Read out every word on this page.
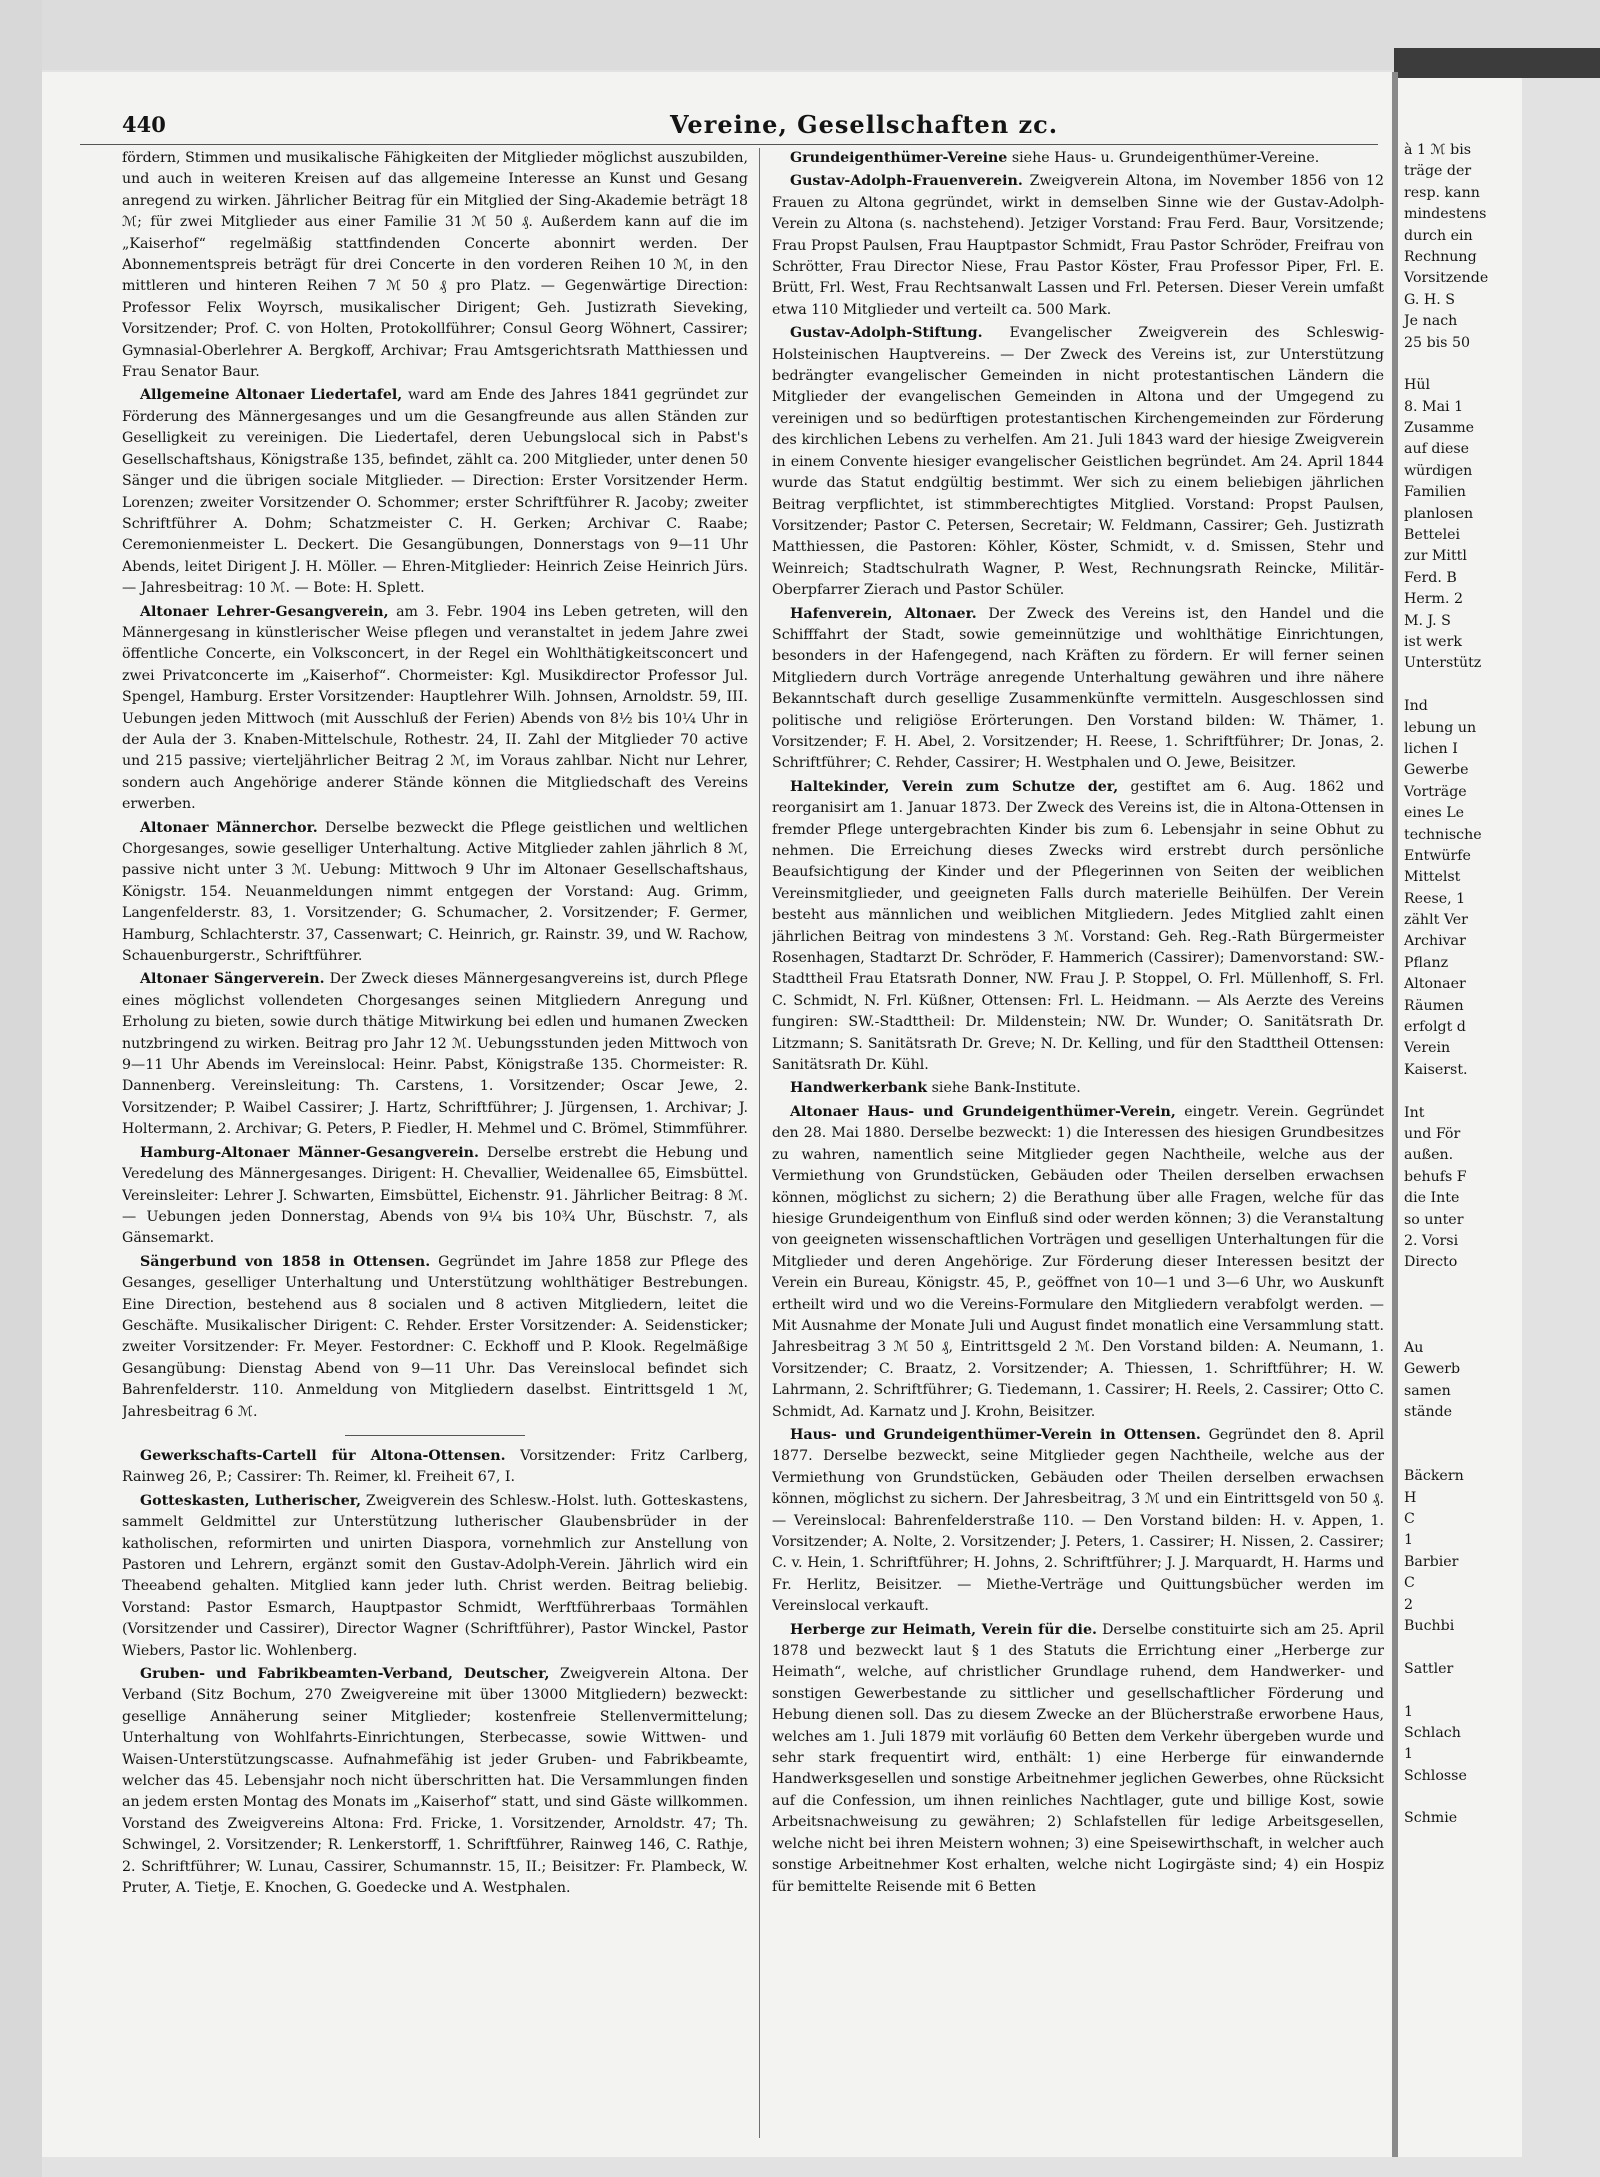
440	Vereine, Gesellschaften zc.

fördern, Stimmen und musikalische Fähigkeiten der Mitglieder möglichst auszubilden, und auch in weiteren Kreisen auf das allgemeine Interesse an Kunst und Gesang anregend zu wirken. Jährlicher Beitrag für ein Mitglied der Sing-Akademie beträgt 18 ℳ; für zwei Mitglieder aus einer Familie 31 ℳ 50 ₰. Außerdem kann auf die im „Kaiserhof“ regelmäßig stattfindenden Concerte abonnirt werden. Der Abonnementspreis beträgt für drei Concerte in den vorderen Reihen 10 ℳ, in den mittleren und hinteren Reihen 7 ℳ 50 ₰ pro Platz. — Gegenwärtige Direction: Professor Felix Woyrsch, musikalischer Dirigent; Geh. Justizrath Sieveking, Vorsitzender; Prof. C. von Holten, Protokollführer; Consul Georg Wöhnert, Cassirer; Gymnasial-Oberlehrer A. Bergkoff, Archivar; Frau Amtsgerichtsrath Matthiessen und Frau Senator Baur.

Allgemeine Altonaer Liedertafel, ward am Ende des Jahres 1841 gegründet zur Förderung des Männergesanges und um die Gesangfreunde aus allen Ständen zur Geselligkeit zu vereinigen. Die Liedertafel, deren Uebungslocal sich in Pabst's Gesellschaftshaus, Königstraße 135, befindet, zählt ca. 200 Mitglieder, unter denen 50 Sänger und die übrigen sociale Mitglieder. — Direction: Erster Vorsitzender Herm. Lorenzen; zweiter Vorsitzender O. Schommer; erster Schriftführer R. Jacoby; zweiter Schriftführer A. Dohm; Schatzmeister C. H. Gerken; Archivar C. Raabe; Ceremonienmeister L. Deckert. Die Gesangübungen, Donnerstags von 9—11 Uhr Abends, leitet Dirigent J. H. Möller. — Ehren-Mitglieder: Heinrich Zeise Heinrich Jürs. — Jahresbeitrag: 10 ℳ. — Bote: H. Splett.

Altonaer Lehrer-Gesangverein, am 3. Febr. 1904 ins Leben getreten, will den Männergesang in künstlerischer Weise pflegen und veranstaltet in jedem Jahre zwei öffentliche Concerte, ein Volksconcert, in der Regel ein Wohlthätigkeitsconcert und zwei Privatconcerte im „Kaiserhof“. Chormeister: Kgl. Musikdirector Professor Jul. Spengel, Hamburg. Erster Vorsitzender: Hauptlehrer Wilh. Johnsen, Arnoldstr. 59, III. Uebungen jeden Mittwoch (mit Ausschluß der Ferien) Abends von 8½ bis 10¼ Uhr in der Aula der 3. Knaben-Mittelschule, Rothestr. 24, II. Zahl der Mitglieder 70 active und 215 passive; vierteljährlicher Beitrag 2 ℳ, im Voraus zahlbar. Nicht nur Lehrer, sondern auch Angehörige anderer Stände können die Mitgliedschaft des Vereins erwerben.

Altonaer Männerchor. Derselbe bezweckt die Pflege geistlichen und weltlichen Chorgesanges, sowie geselliger Unterhaltung. Active Mitglieder zahlen jährlich 8 ℳ, passive nicht unter 3 ℳ. Uebung: Mittwoch 9 Uhr im Altonaer Gesellschaftshaus, Königstr. 154. Neuanmeldungen nimmt entgegen der Vorstand: Aug. Grimm, Langenfelderstr. 83, 1. Vorsitzender; G. Schumacher, 2. Vorsitzender; F. Germer, Hamburg, Schlachterstr. 37, Cassenwart; C. Heinrich, gr. Rainstr. 39, und W. Rachow, Schauenburgerstr., Schriftführer.

Altonaer Sängerverein. Der Zweck dieses Männergesangvereins ist, durch Pflege eines möglichst vollendeten Chorgesanges seinen Mitgliedern Anregung und Erholung zu bieten, sowie durch thätige Mitwirkung bei edlen und humanen Zwecken nutzbringend zu wirken. Beitrag pro Jahr 12 ℳ. Uebungsstunden jeden Mittwoch von 9—11 Uhr Abends im Vereinslocal: Heinr. Pabst, Königstraße 135. Chormeister: R. Dannenberg. Vereinsleitung: Th. Carstens, 1. Vorsitzender; Oscar Jewe, 2. Vorsitzender; P. Waibel Cassirer; J. Hartz, Schriftführer; J. Jürgensen, 1. Archivar; J. Holtermann, 2. Archivar; G. Peters, P. Fiedler, H. Mehmel und C. Brömel, Stimmführer.

Hamburg-Altonaer Männer-Gesangverein. Derselbe erstrebt die Hebung und Veredelung des Männergesanges. Dirigent: H. Chevallier, Weidenallee 65, Eimsbüttel. Vereinsleiter: Lehrer J. Schwarten, Eimsbüttel, Eichenstr. 91. Jährlicher Beitrag: 8 ℳ. — Uebungen jeden Donnerstag, Abends von 9¼ bis 10¾ Uhr, Büschstr. 7, als Gänsemarkt.

Sängerbund von 1858 in Ottensen. Gegründet im Jahre 1858 zur Pflege des Gesanges, geselliger Unterhaltung und Unterstützung wohlthätiger Bestrebungen. Eine Direction, bestehend aus 8 socialen und 8 activen Mitgliedern, leitet die Geschäfte. Musikalischer Dirigent: C. Rehder. Erster Vorsitzender: A. Seidensticker; zweiter Vorsitzender: Fr. Meyer. Festordner: C. Eckhoff und P. Klook. Regelmäßige Gesangübung: Dienstag Abend von 9—11 Uhr. Das Vereinslocal befindet sich Bahrenfelderstr. 110. Anmeldung von Mitgliedern daselbst. Eintrittsgeld 1 ℳ, Jahresbeitrag 6 ℳ.

Gewerkschafts-Cartell für Altona-Ottensen. Vorsitzender: Fritz Carlberg, Rainweg 26, P.; Cassirer: Th. Reimer, kl. Freiheit 67, I.

Gotteskasten, Lutherischer, Zweigverein des Schlesw.-Holst. luth. Gotteskastens, sammelt Geldmittel zur Unterstützung lutherischer Glaubensbrüder in der katholischen, reformirten und unirten Diaspora, vornehmlich zur Anstellung von Pastoren und Lehrern, ergänzt somit den Gustav-Adolph-Verein. Jährlich wird ein Theeabend gehalten. Mitglied kann jeder luth. Christ werden. Beitrag beliebig. Vorstand: Pastor Esmarch, Hauptpastor Schmidt, Werftführerbaas Tormählen (Vorsitzender und Cassirer), Director Wagner (Schriftführer), Pastor Winckel, Pastor Wiebers, Pastor lic. Wohlenberg.

Gruben- und Fabrikbeamten-Verband, Deutscher, Zweigverein Altona. Der Verband (Sitz Bochum, 270 Zweigvereine mit über 13000 Mitgliedern) bezweckt: gesellige Annäherung seiner Mitglieder; kostenfreie Stellenvermittelung; Unterhaltung von Wohlfahrts-Einrichtungen, Sterbecasse, sowie Wittwen- und Waisen-Unterstützungscasse. Aufnahmefähig ist jeder Gruben- und Fabrikbeamte, welcher das 45. Lebensjahr noch nicht überschritten hat. Die Versammlungen finden an jedem ersten Montag des Monats im „Kaiserhof“ statt, und sind Gäste willkommen. Vorstand des Zweigvereins Altona: Frd. Fricke, 1. Vorsitzender, Arnoldstr. 47; Th. Schwingel, 2. Vorsitzender; R. Lenkerstorff, 1. Schriftführer, Rainweg 146, C. Rathje, 2. Schriftführer; W. Lunau, Cassirer, Schumannstr. 15, II.; Beisitzer: Fr. Plambeck, W. Pruter, A. Tietje, E. Knochen, G. Goedecke und A. Westphalen.

Grundeigenthümer-Vereine siehe Haus- u. Grundeigenthümer-Vereine.

Gustav-Adolph-Frauenverein. Zweigverein Altona, im November 1856 von 12 Frauen zu Altona gegründet, wirkt in demselben Sinne wie der Gustav-Adolph-Verein zu Altona (s. nachstehend). Jetziger Vorstand: Frau Ferd. Baur, Vorsitzende; Frau Propst Paulsen, Frau Hauptpastor Schmidt, Frau Pastor Schröder, Freifrau von Schrötter, Frau Director Niese, Frau Pastor Köster, Frau Professor Piper, Frl. E. Brütt, Frl. West, Frau Rechtsanwalt Lassen und Frl. Petersen. Dieser Verein umfaßt etwa 110 Mitglieder und verteilt ca. 500 Mark.

Gustav-Adolph-Stiftung. Evangelischer Zweigverein des Schleswig-Holsteinischen Hauptvereins. — Der Zweck des Vereins ist, zur Unterstützung bedrängter evangelischer Gemeinden in nicht protestantischen Ländern die Mitglieder der evangelischen Gemeinden in Altona und der Umgegend zu vereinigen und so bedürftigen protestantischen Kirchengemeinden zur Förderung des kirchlichen Lebens zu verhelfen. Am 21. Juli 1843 ward der hiesige Zweigverein in einem Convente hiesiger evangelischer Geistlichen begründet. Am 24. April 1844 wurde das Statut endgültig bestimmt. Wer sich zu einem beliebigen jährlichen Beitrag verpflichtet, ist stimmberechtigtes Mitglied. Vorstand: Propst Paulsen, Vorsitzender; Pastor C. Petersen, Secretair; W. Feldmann, Cassirer; Geh. Justizrath Matthiessen, die Pastoren: Köhler, Köster, Schmidt, v. d. Smissen, Stehr und Weinreich; Stadtschulrath Wagner, P. West, Rechnungsrath Reincke, Militär-Oberpfarrer Zierach und Pastor Schüler.

Hafenverein, Altonaer. Der Zweck des Vereins ist, den Handel und die Schifffahrt der Stadt, sowie gemeinnützige und wohlthätige Einrichtungen, besonders in der Hafengegend, nach Kräften zu fördern. Er will ferner seinen Mitgliedern durch Vorträge anregende Unterhaltung gewähren und ihre nähere Bekanntschaft durch gesellige Zusammenkünfte vermitteln. Ausgeschlossen sind politische und religiöse Erörterungen. Den Vorstand bilden: W. Thämer, 1. Vorsitzender; F. H. Abel, 2. Vorsitzender; H. Reese, 1. Schriftführer; Dr. Jonas, 2. Schriftführer; C. Rehder, Cassirer; H. Westphalen und O. Jewe, Beisitzer.

Haltekinder, Verein zum Schutze der, gestiftet am 6. Aug. 1862 und reorganisirt am 1. Januar 1873. Der Zweck des Vereins ist, die in Altona-Ottensen in fremder Pflege untergebrachten Kinder bis zum 6. Lebensjahr in seine Obhut zu nehmen. Die Erreichung dieses Zwecks wird erstrebt durch persönliche Beaufsichtigung der Kinder und der Pflegerinnen von Seiten der weiblichen Vereinsmitglieder, und geeigneten Falls durch materielle Beihülfen. Der Verein besteht aus männlichen und weiblichen Mitgliedern. Jedes Mitglied zahlt einen jährlichen Beitrag von mindestens 3 ℳ. Vorstand: Geh. Reg.-Rath Bürgermeister Rosenhagen, Stadtarzt Dr. Schröder, F. Hammerich (Cassirer); Damenvorstand: SW.-Stadttheil Frau Etatsrath Donner, NW. Frau J. P. Stoppel, O. Frl. Müllenhoff, S. Frl. C. Schmidt, N. Frl. Küßner, Ottensen: Frl. L. Heidmann. — Als Aerzte des Vereins fungiren: SW.-Stadttheil: Dr. Mildenstein; NW. Dr. Wunder; O. Sanitätsrath Dr. Litzmann; S. Sanitätsrath Dr. Greve; N. Dr. Kelling, und für den Stadttheil Ottensen: Sanitätsrath Dr. Kühl.

Handwerkerbank siehe Bank-Institute.

Altonaer Haus- und Grundeigenthümer-Verein, eingetr. Verein. Gegründet den 28. Mai 1880. Derselbe bezweckt: 1) die Interessen des hiesigen Grundbesitzes zu wahren, namentlich seine Mitglieder gegen Nachtheile, welche aus der Vermiethung von Grundstücken, Gebäuden oder Theilen derselben erwachsen können, möglichst zu sichern; 2) die Berathung über alle Fragen, welche für das hiesige Grundeigenthum von Einfluß sind oder werden können; 3) die Veranstaltung von geeigneten wissenschaftlichen Vorträgen und geselligen Unterhaltungen für die Mitglieder und deren Angehörige. Zur Förderung dieser Interessen besitzt der Verein ein Bureau, Königstr. 45, P., geöffnet von 10—1 und 3—6 Uhr, wo Auskunft ertheilt wird und wo die Vereins-Formulare den Mitgliedern verabfolgt werden. — Mit Ausnahme der Monate Juli und August findet monatlich eine Versammlung statt. Jahresbeitrag 3 ℳ 50 ₰, Eintrittsgeld 2 ℳ. Den Vorstand bilden: A. Neumann, 1. Vorsitzender; C. Braatz, 2. Vorsitzender; A. Thiessen, 1. Schriftführer; H. W. Lahrmann, 2. Schriftführer; G. Tiedemann, 1. Cassirer; H. Reels, 2. Cassirer; Otto C. Schmidt, Ad. Karnatz und J. Krohn, Beisitzer.

Haus- und Grundeigenthümer-Verein in Ottensen. Gegründet den 8. April 1877. Derselbe bezweckt, seine Mitglieder gegen Nachtheile, welche aus der Vermiethung von Grundstücken, Gebäuden oder Theilen derselben erwachsen können, möglichst zu sichern. Der Jahresbeitrag, 3 ℳ und ein Eintrittsgeld von 50 ₰. — Vereinslocal: Bahrenfelderstraße 110. — Den Vorstand bilden: H. v. Appen, 1. Vorsitzender; A. Nolte, 2. Vorsitzender; J. Peters, 1. Cassirer; H. Nissen, 2. Cassirer; C. v. Hein, 1. Schriftführer; H. Johns, 2. Schriftführer; J. J. Marquardt, H. Harms und Fr. Herlitz, Beisitzer. — Miethe-Verträge und Quittungsbücher werden im Vereinslocal verkauft.

Herberge zur Heimath, Verein für die. Derselbe constituirte sich am 25. April 1878 und bezweckt laut § 1 des Statuts die Errichtung einer „Herberge zur Heimath“, welche, auf christlicher Grundlage ruhend, dem Handwerker- und sonstigen Gewerbestande zu sittlicher und gesellschaftlicher Förderung und Hebung dienen soll. Das zu diesem Zwecke an der Blücherstraße erworbene Haus, welches am 1. Juli 1879 mit vorläufig 60 Betten dem Verkehr übergeben wurde und sehr stark frequentirt wird, enthält: 1) eine Herberge für einwandernde Handwerksgesellen und sonstige Arbeitnehmer jeglichen Gewerbes, ohne Rücksicht auf die Confession, um ihnen reinliches Nachtlager, gute und billige Kost, sowie Arbeitsnachweisung zu gewähren; 2) Schlafstellen für ledige Arbeitsgesellen, welche nicht bei ihren Meistern wohnen; 3) eine Speisewirthschaft, in welcher auch sonstige Arbeitnehmer Kost erhalten, welche nicht Logirgäste sind; 4) ein Hospiz für bemittelte Reisende mit 6 Betten

à 1 ℳ bis
träge der
resp. kann
mindestens
durch ein
Rechnung
Vorsitzende
G. H. S
Je nach
25 bis 50
Hül
8. Mai 1
Zusamme
auf diese
würdigen
Familien
planlosen
Bettelei
zur Mittl
Ferd. B
Herm. 2
M. J. S
ist werk
Unterstütz
Ind
lebung un
lichen I
Gewerbe
Vorträge
eines Le
technische
Entwürfe
Mittelst
Reese, 1
zählt Ver
Archivar
Pflanz
Altonaer
Räumen
erfolgt d
Verein
Kaiserst.
Int
und För
außen.
behufs F
die Inte
so unter
2. Vorsi
Directo
Au
Gewerb
samen
stände
Bäckern
H
C
1
Barbier
C
2
Buchbi
Sattler
1
Schlach
1
Schlosse
Schmie
